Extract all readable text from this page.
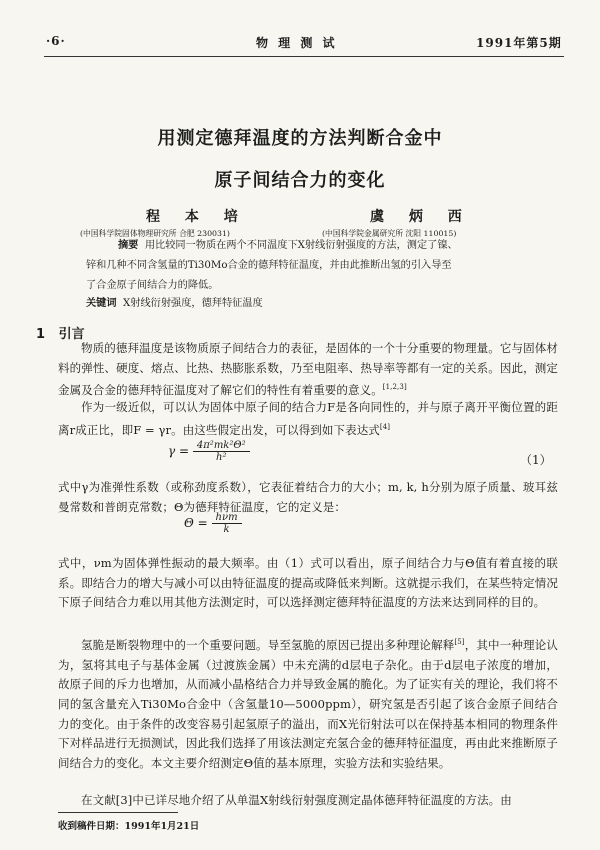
·6·	物 理 测 试	1991年第5期
用测定德拜温度的方法判断合金中
原子间结合力的变化
程 本 培
(中国科学院固体物理研究所 合肥 230031)
虞 炳 西
(中国科学院金属研究所 沈阳 110015)
摘要 用比较同一物质在两个不同温度下X射线衍射强度的方法，测定了镍、
锌和几种不同含氢量的Ti30Mo合金的德拜特征温度，并由此推断出氢的引入导至
了合金原子间结合力的降低。
关键词 X射线衍射强度，德拜特征温度
1 引言
物质的德拜温度是该物质原子间结合力的表征，是固体的一个十分重要的物理量。它与固体材料的弹性、硬度、熔点、比热、热膨胀系数，乃至电阻率、热导率等都有一定的关系。因此，测定金属及合金的德拜特征温度对了解它们的特性有着重要的意义。[1,2,3]
作为一级近似，可以认为固体中原子间的结合力F是各向同性的，并与原子离开平衡位置的距离r成正比，即F = γr。由这些假定出发，可以得到如下表达式[4]
$\gamma = \frac{\text{4π²mk²Θ²}}{\text{h²}}$	（1）
式中γ为准弹性系数（或称劲度系数），它表征着结合力的大小；m, k, h分别为原子质量、玻耳兹曼常数和普朗克常数；Θ为德拜特征温度，它的定义是：
$\Theta = \frac{\text{hνm}}{k}$
式中，νm为固体弹性振动的最大频率。由（1）式可以看出，原子间结合力与Θ值有着直接的联系。即结合力的增大与减小可以由特征温度的提高或降低来判断。这就提示我们，在某些特定情况下原子间结合力难以用其他方法测定时，可以选择测定德拜特征温度的方法来达到同样的目的。
氢脆是断裂物理中的一个重要问题。导至氢脆的原因已提出多种理论解释[5]，其中一种理论认为，氢将其电子与基体金属（过渡族金属）中未充满的d层电子杂化。由于d层电子浓度的增加，故原子间的斥力也增加，从而减小晶格结合力并导致金属的脆化。为了证实有关的理论，我们将不同的氢含量充入Ti30Mo合金中（含氢量10—5000ppm），研究氢是否引起了该合金原子间结合力的变化。由于条件的改变容易引起氢原子的溢出，而X光衍射法可以在保持基本相同的物理条件下对样品进行无损测试，因此我们选择了用该法测定充氢合金的德拜特征温度，再由此来推断原子间结合力的变化。本文主要介绍测定Θ值的基本原理，实验方法和实验结果。
在文献[3]中已详尽地介绍了从单温X射线衍射强度测定晶体德拜特征温度的方法。由
收到稿件日期：1991年1月21日
